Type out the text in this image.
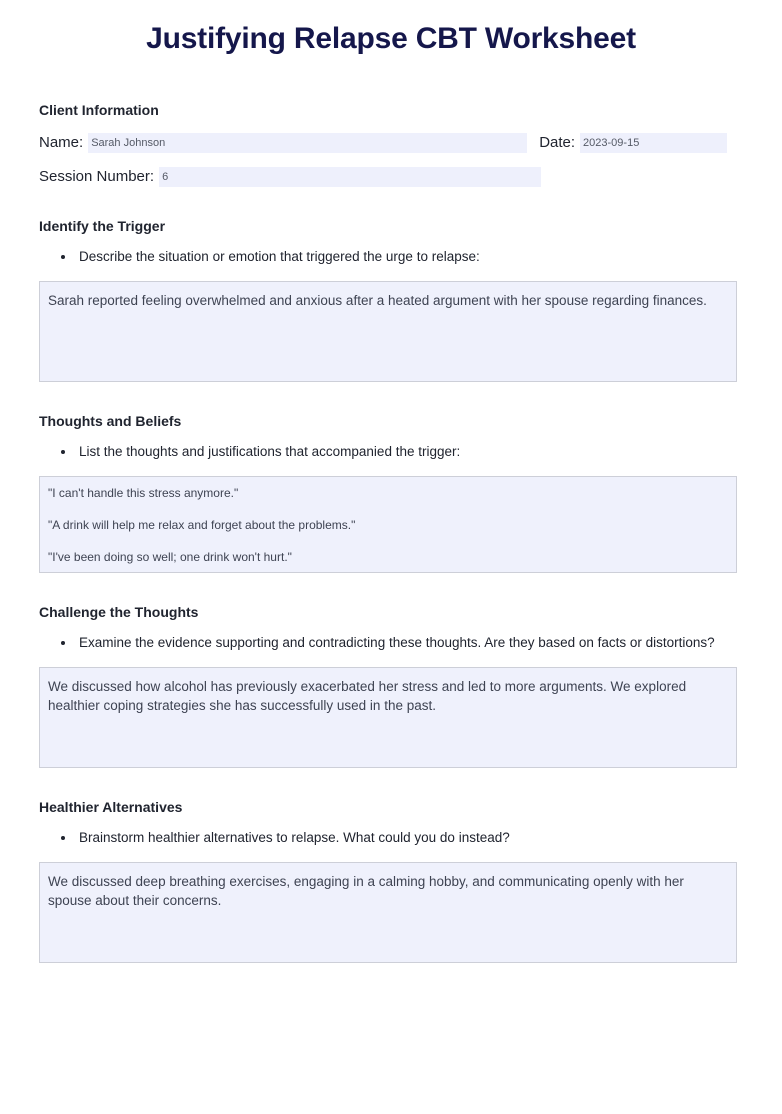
Justifying Relapse CBT Worksheet
Client Information
Name: Sarah Johnson	Date: 2023-09-15
Session Number: 6
Identify the Trigger
Describe the situation or emotion that triggered the urge to relapse:
Sarah reported feeling overwhelmed and anxious after a heated argument with her spouse regarding finances.
Thoughts and Beliefs
List the thoughts and justifications that accompanied the trigger:

"I can't handle this stress anymore."

"A drink will help me relax and forget about the problems."

"I've been doing so well; one drink won't hurt."

Challenge the Thoughts
Examine the evidence supporting and contradicting these thoughts. Are they based on facts or distortions?
We discussed how alcohol has previously exacerbated her stress and led to more arguments. We explored healthier coping strategies she has successfully used in the past.
Healthier Alternatives
Brainstorm healthier alternatives to relapse. What could you do instead?
We discussed deep breathing exercises, engaging in a calming hobby, and communicating openly with her spouse about their concerns.
